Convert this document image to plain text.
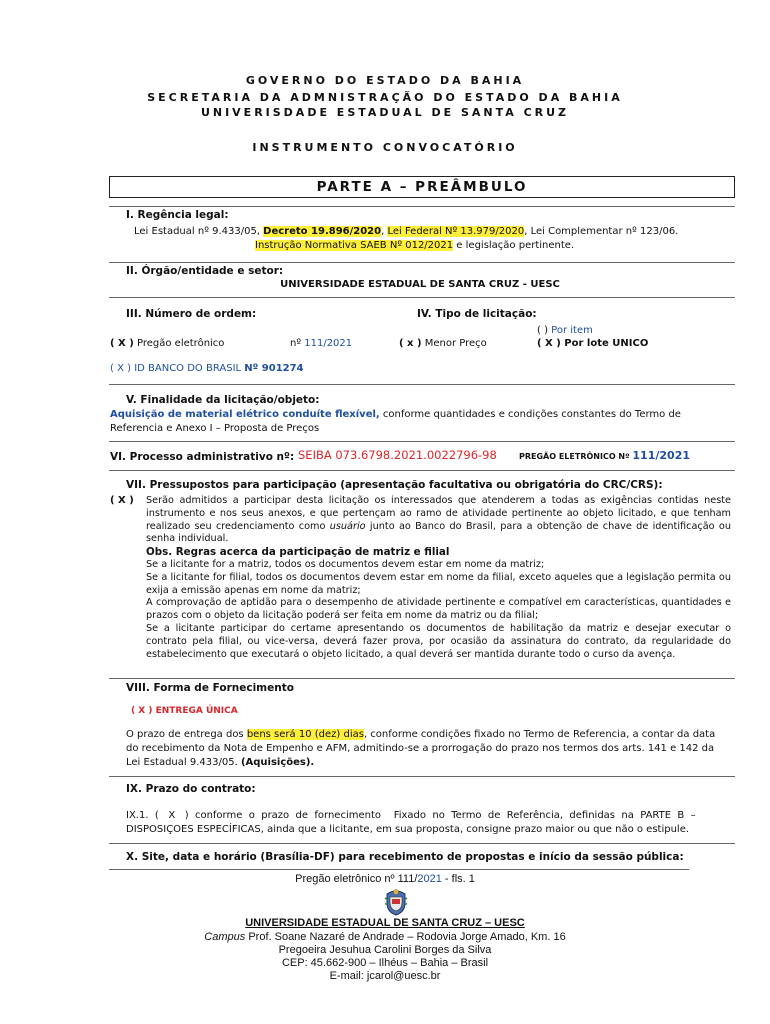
GOVERNO DO ESTADO DA BAHIA
SECRETARIA DA ADMNISTRAÇÃO DO ESTADO DA BAHIA
UNIVERISDADE ESTADUAL DE SANTA CRUZ
INSTRUMENTO CONVOCATÓRIO
PARTE A – PREÂMBULO
I. Regência legal:
Lei Estadual nº 9.433/05, Decreto 19.896/2020, Lei Federal Nº 13.979/2020, Lei Complementar nº 123/06.
Instrução Normativa SAEB Nº 012/2021 e legislação pertinente.
II. Órgão/entidade e setor:
UNIVERSIDADE ESTADUAL DE SANTA CRUZ - UESC
III. Número de ordem:	IV. Tipo de licitação:
( X ) Pregão eletrônico	nº 111/2021	( x ) Menor Preço
( ) Por item
( X ) Por lote UNICO
( X ) ID BANCO DO BRASIL Nº 901274
V. Finalidade da licitação/objeto:
Aquisição de material elétrico conduíte flexível, conforme quantidades e condições constantes do Termo de
Referencia e Anexo I – Proposta de Preços
VI. Processo administrativo nº: SEIBA 073.6798.2021.0022796-98	PREGÃO ELETRÔNICO Nº 111/2021
VII. Pressupostos para participação (apresentação facultativa ou obrigatória do CRC/CRS):
( X ) Serão admitidos a participar desta licitação os interessados que atenderem a todas as exigências contidas neste instrumento e nos seus anexos, e que pertençam ao ramo de atividade pertinente ao objeto licitado, e que tenham realizado seu credenciamento como usuário junto ao Banco do Brasil, para a obtenção de chave de identificação ou senha individual.

Obs. Regras acerca da participação de matriz e filial

Se a licitante for a matriz, todos os documentos devem estar em nome da matriz;

Se a licitante for filial, todos os documentos devem estar em nome da filial, exceto aqueles que a legislação permita ou exija a emissão apenas em nome da matriz;

A comprovação de aptidão para o desempenho de atividade pertinente e compatível em características, quantidades e prazos com o objeto da licitação poderá ser feita em nome da matriz ou da filial;

Se a licitante participar do certame apresentando os documentos de habilitação da matriz e desejar executar o contrato pela filial, ou vice-versa, deverá fazer prova, por ocasião da assinatura do contrato, da regularidade do estabelecimento que executará o objeto licitado, a qual deverá ser mantida durante todo o curso da avença.

VIII. Forma de Fornecimento
( X ) ENTREGA ÚNICA
O prazo de entrega dos bens será 10 (dez) dias, conforme condições fixado no Termo de Referencia, a contar da data do recebimento da Nota de Empenho e AFM, admitindo-se a prorrogação do prazo nos termos dos arts. 141 e 142 da Lei Estadual 9.433/05. (Aquisições).
IX. Prazo do contrato:
IX.1.  (   X   )  conforme  o  prazo  de  fornecimento    Fixado  no  Termo  de  Referência,  definidas  na  PARTE  B  –
DISPOSIÇOES ESPECÍFICAS, ainda que a licitante, em sua proposta, consigne prazo maior ou que não o estipule.
X. Site, data e horário (Brasília-DF) para recebimento de propostas e início da sessão pública:
Pregão eletrônico nº 111/2021 - fls. 1
UNIVERSIDADE ESTADUAL DE SANTA CRUZ – UESC
Campus Prof. Soane Nazaré de Andrade – Rodovia Jorge Amado, Km. 16
Pregoeira Jesuhua Carolini Borges da Silva
CEP: 45.662-900 – Ilhéus – Bahia – Brasil
E-mail: jcarol@uesc.br
